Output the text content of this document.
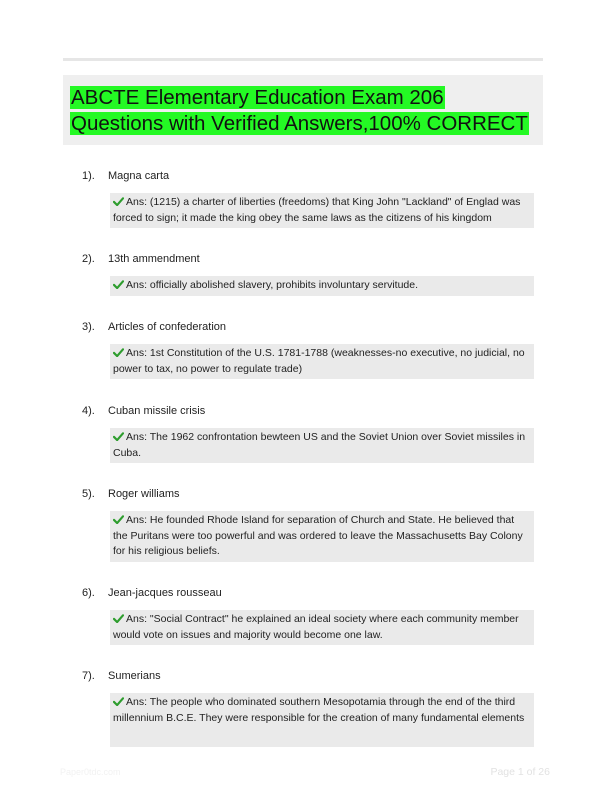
ABCTE Elementary Education Exam 206
Questions with Verified Answers,100% CORRECT
1). Magna carta
Ans: (1215) a charter of liberties (freedoms) that King John "Lackland" of Englad was forced to sign; it made the king obey the same laws as the citizens of his kingdom
2). 13th ammendment
Ans: officially abolished slavery, prohibits involuntary servitude.
3). Articles of confederation
Ans: 1st Constitution of the U.S. 1781-1788 (weaknesses-no executive, no judicial, no power to tax, no power to regulate trade)
4). Cuban missile crisis
Ans: The 1962 confrontation bewteen US and the Soviet Union over Soviet missiles in Cuba.
5). Roger williams
Ans: He founded Rhode Island for separation of Church and State. He believed that the Puritans were too powerful and was ordered to leave the Massachusetts Bay Colony for his religious beliefs.
6). Jean-jacques rousseau
Ans: "Social Contract" he explained an ideal society where each community member would vote on issues and majority would become one law.
7). Sumerians
Ans: The people who dominated southern Mesopotamia through the end of the third millennium B.C.E. They were responsible for the creation of many fundamental elements
Paper0tdc.com	Page 1 of 26
